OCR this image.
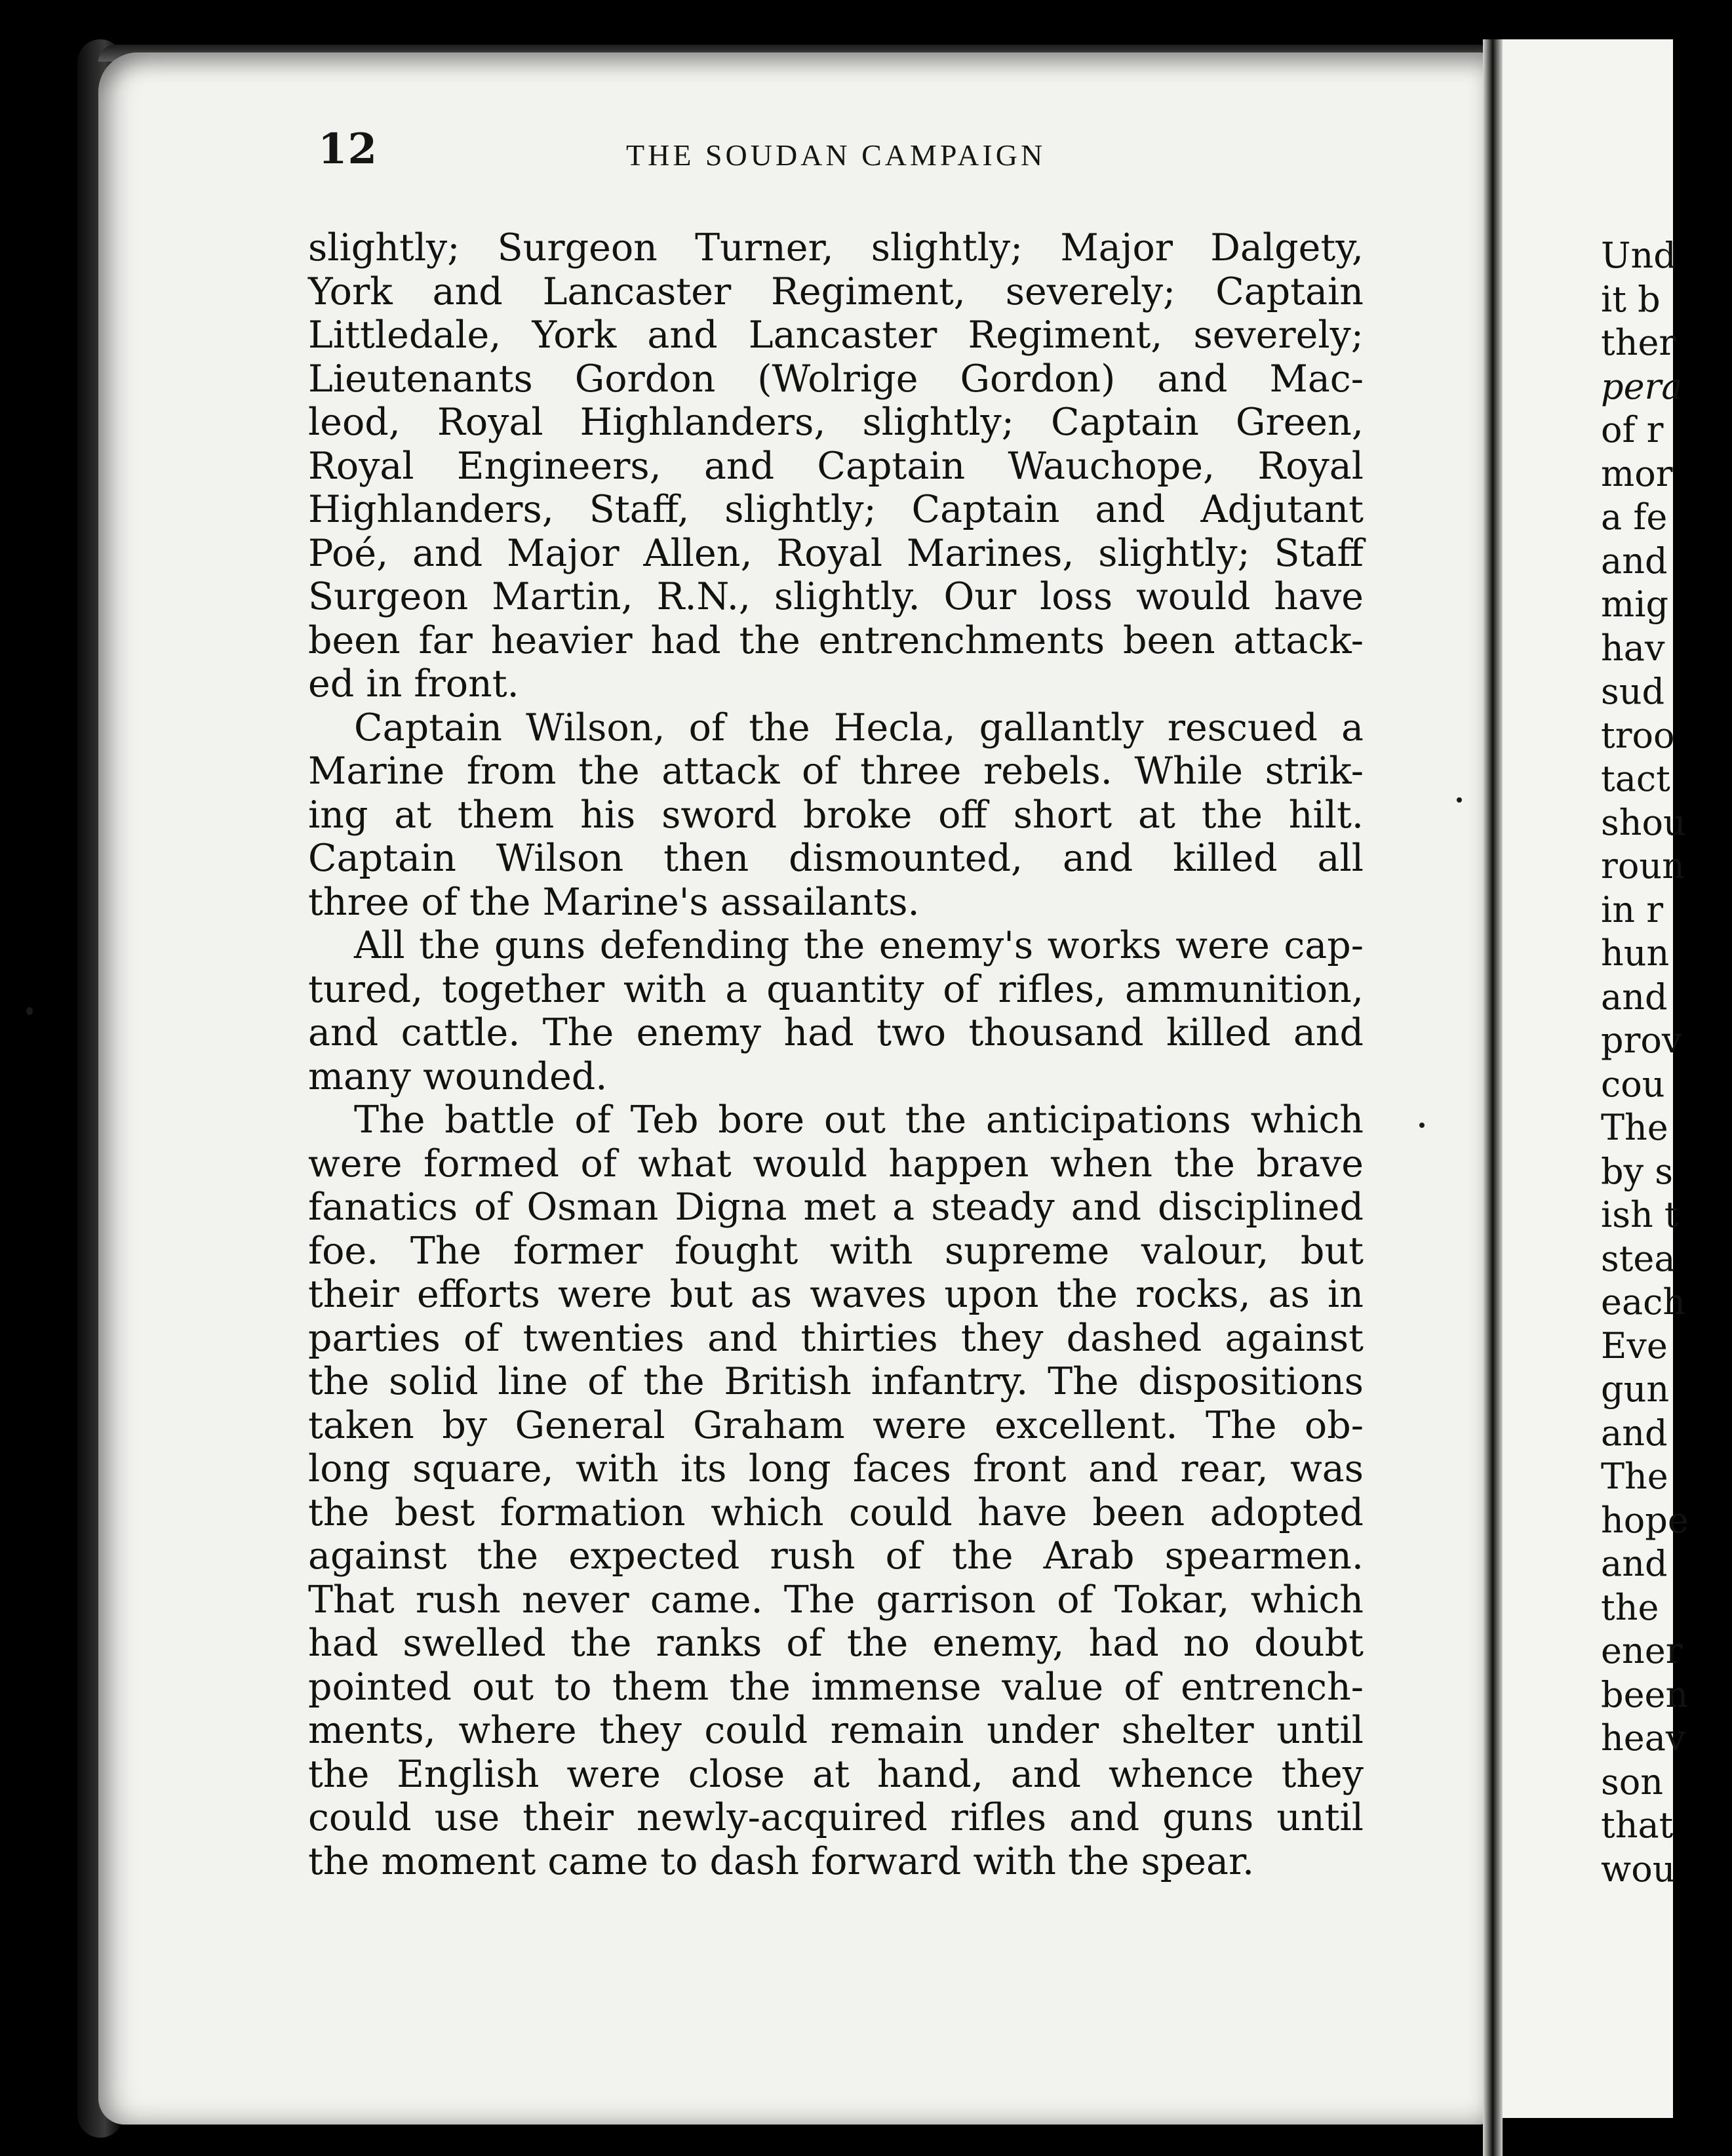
12	THE SOUDAN CAMPAIGN
slightly; Surgeon Turner, slightly; Major Dalgety,
York and Lancaster Regiment, severely; Captain
Littledale, York and Lancaster Regiment, severely;
Lieutenants Gordon (Wolrige Gordon) and Mac-
leod, Royal Highlanders, slightly; Captain Green,
Royal Engineers, and Captain Wauchope, Royal
Highlanders, Staff, slightly; Captain and Adjutant
Poé, and Major Allen, Royal Marines, slightly; Staff
Surgeon Martin, R.N., slightly. Our loss would have
been far heavier had the entrenchments been attack-
ed in front.
Captain Wilson, of the Hecla, gallantly rescued a
Marine from the attack of three rebels. While strik-
ing at them his sword broke off short at the hilt.
Captain Wilson then dismounted, and killed all
three of the Marine's assailants.
All the guns defending the enemy's works were cap-
tured, together with a quantity of rifles, ammunition,
and cattle. The enemy had two thousand killed and
many wounded.
The battle of Teb bore out the anticipations which
were formed of what would happen when the brave
fanatics of Osman Digna met a steady and disciplined
foe. The former fought with supreme valour, but
their efforts were but as waves upon the rocks, as in
parties of twenties and thirties they dashed against
the solid line of the British infantry. The dispositions
taken by General Graham were excellent. The ob-
long square, with its long faces front and rear, was
the best formation which could have been adopted
against the expected rush of the Arab spearmen.
That rush never came. The garrison of Tokar, which
had swelled the ranks of the enemy, had no doubt
pointed out to them the immense value of entrench-
ments, where they could remain under shelter until
the English were close at hand, and whence they
could use their newly-acquired rifles and guns until
the moment came to dash forward with the spear.
Und
it b
ther
pera
of r
mor
a fe
and
mig
hav
sud
troo
tact
shou
roun
in r
hun
and
prov
cou
The
by s
ish t
stea
each
Eve
gun
and
The
hope
and
the
ener
been
heav
son
that
wou
